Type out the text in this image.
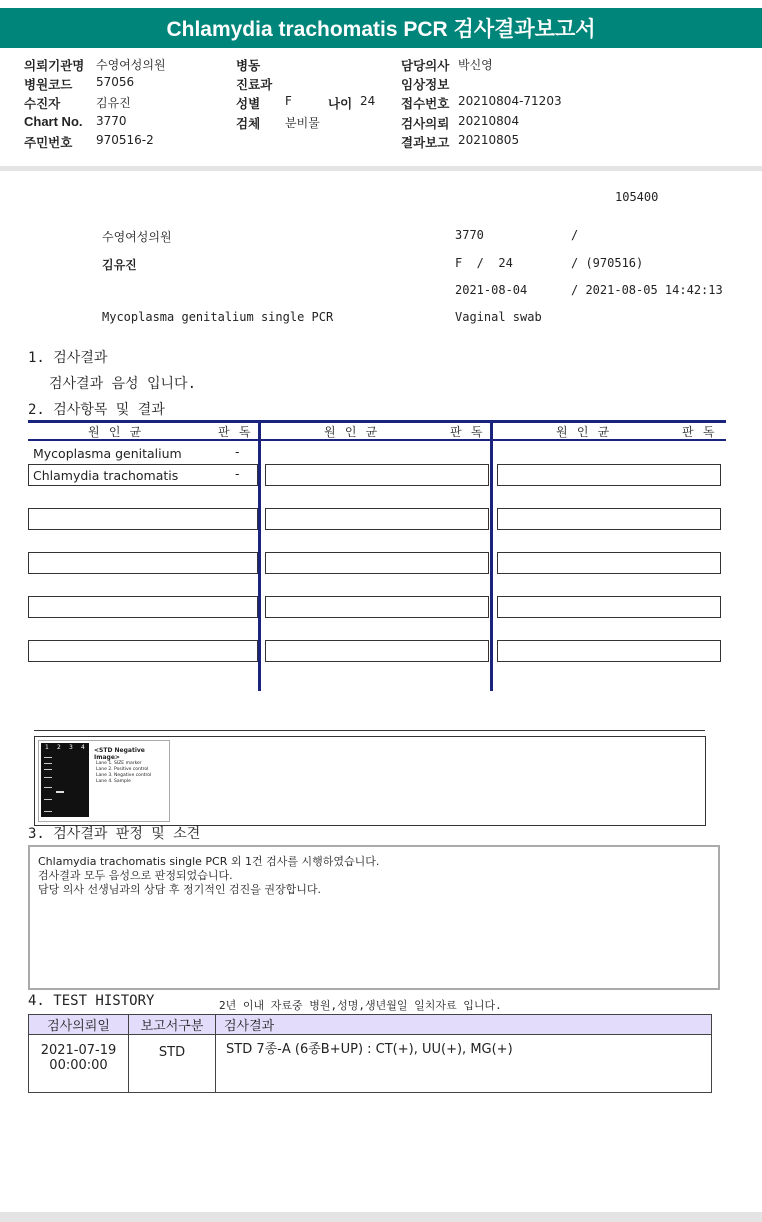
Chlamydia trachomatis PCR 검사결과보고서
의뢰기관명 수영여성의원	병동	담당의사 박신영
병원코드 57056	진료과	임상정보
수진자	김유진	성별 F	나이 24 접수번호 20210804-71203
Chart No. 3770	검체 분비물	검사의뢰 20210804
주민번호 970516-2	결과보고 20210805
105400
수영여성의원	3770	/
김유진	F  /  24	/ (970516)
2021-08-04	/ 2021-08-05 14:42:13
Mycoplasma genitalium single PCR	Vaginal swab
1. 검사결과
검사결과 음성 입니다.
2. 검사항목 및 결과
원 인 균	판 독	원 인 균	판 독	원 인 균	판 독
Mycoplasma genitalium	-
Chlamydia trachomatis	-
1 2 3 4 <STD Negative Image>
Lane 1. SIZE marker
Lane 2. Positive control
Lane 3. Negative control
Lane 4. Sample
3. 검사결과 판정 및 소견
Chlamydia trachomatis single PCR 외 1건 검사를 시행하였습니다.
검사결과 모두 음성으로 판정되었습니다.
담당 의사 선생님과의 상담 후 정기적인 검진을 권장합니다.
4. TEST HISTORY	2년 이내 자료중 병원,성명,생년월일 일치자료 입니다.
검사의뢰일	보고서구분	검사결과

2021-07-19
00:00:00	STD	STD 7종-A (6종B+UP) : CT(+), UU(+), MG(+)
